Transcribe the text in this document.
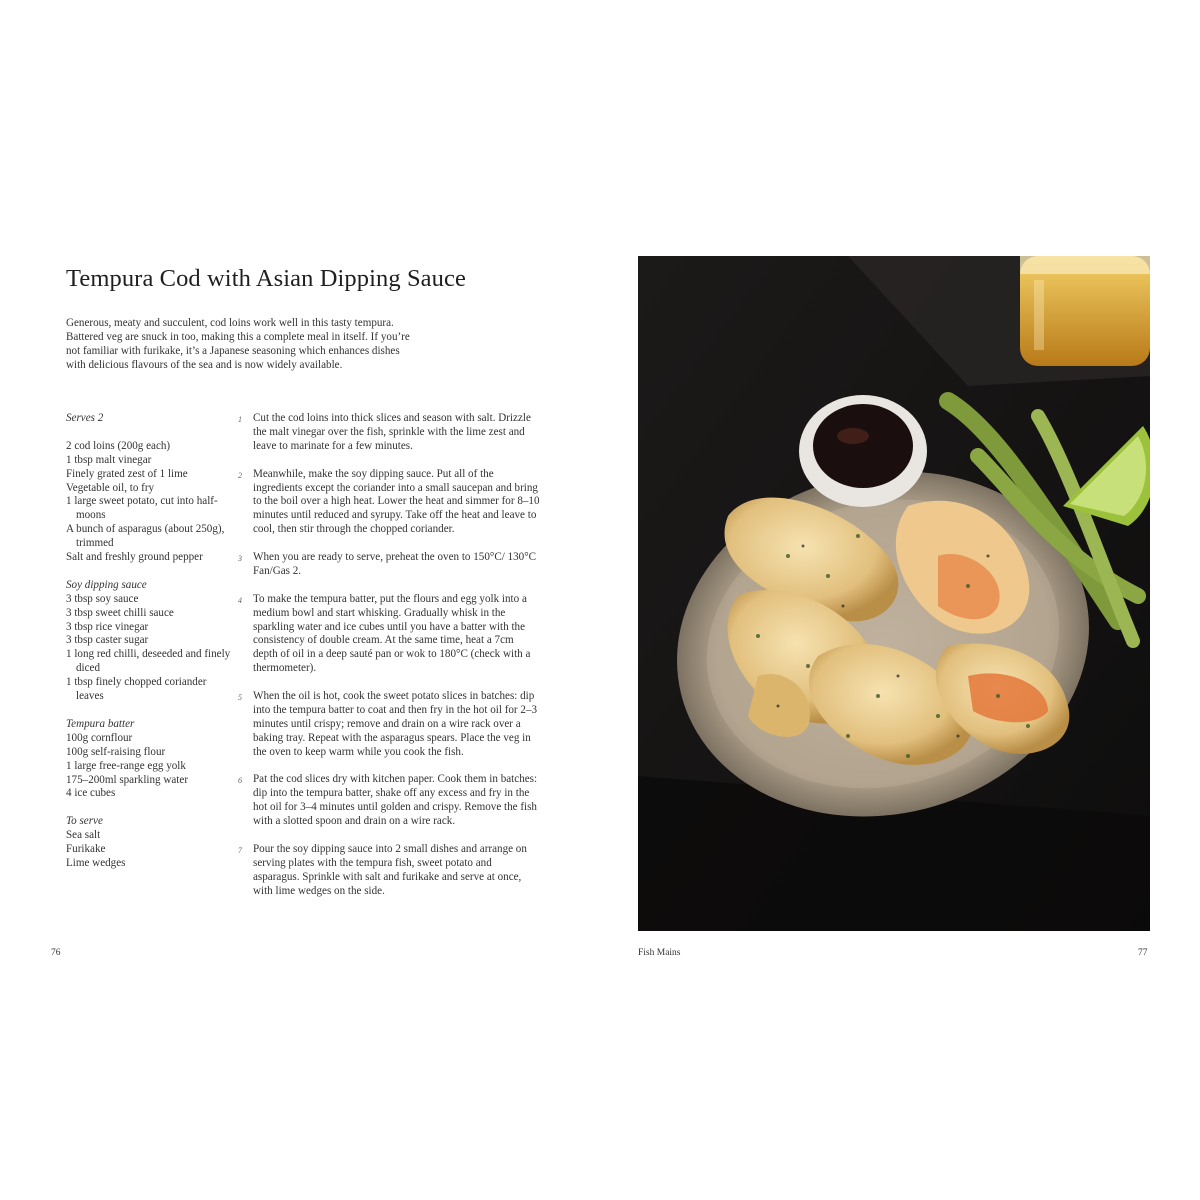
Tempura Cod with Asian Dipping Sauce
Generous, meaty and succulent, cod loins work well in this tasty tempura. Battered veg are snuck in too, making this a complete meal in itself. If you’re not familiar with furikake, it’s a Japanese seasoning which enhances dishes with delicious flavours of the sea and is now widely available.
Serves 2
2 cod loins (200g each)
1 tbsp malt vinegar
Finely grated zest of 1 lime
Vegetable oil, to fry
1 large sweet potato, cut into half-moons
A bunch of asparagus (about 250g), trimmed
Salt and freshly ground pepper
Soy dipping sauce
3 tbsp soy sauce
3 tbsp sweet chilli sauce
3 tbsp rice vinegar
3 tbsp caster sugar
1 long red chilli, deseeded and finely diced
1 tbsp finely chopped coriander leaves
Tempura batter
100g cornflour
100g self-raising flour
1 large free-range egg yolk
175–200ml sparkling water
4 ice cubes
To serve
Sea salt
Furikake
Lime wedges
1 Cut the cod loins into thick slices and season with salt. Drizzle the malt vinegar over the fish, sprinkle with the lime zest and leave to marinate for a few minutes.
2 Meanwhile, make the soy dipping sauce. Put all of the ingredients except the coriander into a small saucepan and bring to the boil over a high heat. Lower the heat and simmer for 8–10 minutes until reduced and syrupy. Take off the heat and leave to cool, then stir through the chopped coriander.
3 When you are ready to serve, preheat the oven to 150°C/ 130°C Fan/Gas 2.
4 To make the tempura batter, put the flours and egg yolk into a medium bowl and start whisking. Gradually whisk in the sparkling water and ice cubes until you have a batter with the consistency of double cream. At the same time, heat a 7cm depth of oil in a deep sauté pan or wok to 180°C (check with a thermometer).
5 When the oil is hot, cook the sweet potato slices in batches: dip into the tempura batter to coat and then fry in the hot oil for 2–3 minutes until crispy; remove and drain on a wire rack over a baking tray. Repeat with the asparagus spears. Place the veg in the oven to keep warm while you cook the fish.
6 Pat the cod slices dry with kitchen paper. Cook them in batches: dip into the tempura batter, shake off any excess and fry in the hot oil for 3–4 minutes until golden and crispy. Remove the fish with a slotted spoon and drain on a wire rack.
7 Pour the soy dipping sauce into 2 small dishes and arrange on serving plates with the tempura fish, sweet potato and asparagus. Sprinkle with salt and furikake and serve at once, with lime wedges on the side.
76	Fish Mains	77
